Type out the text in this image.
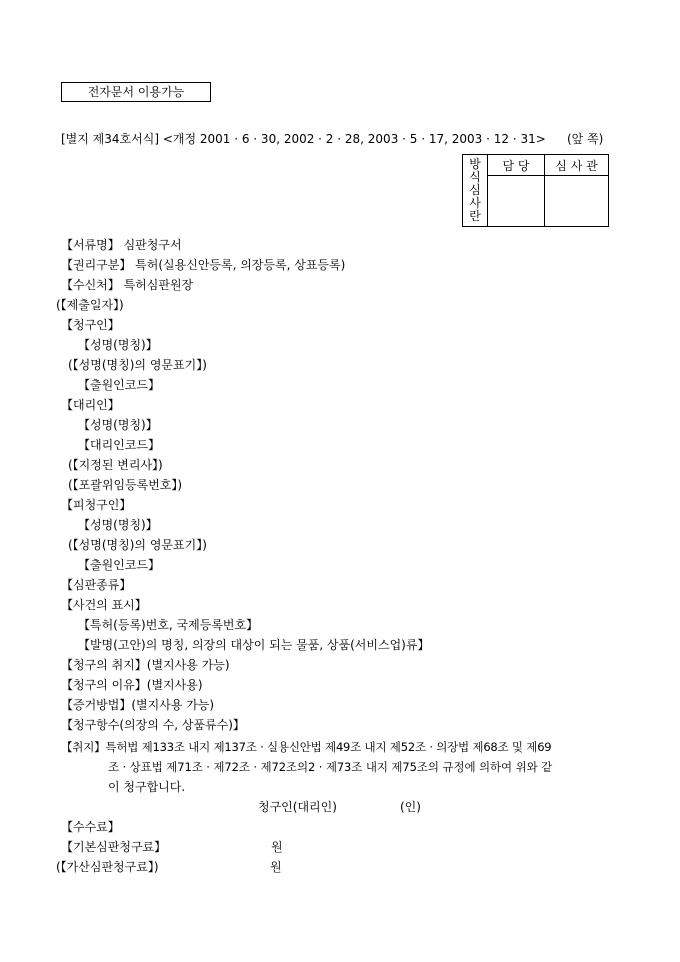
전자문서 이용가능
[별지 제34호서식] <개정 2001 · 6 · 30, 2002 · 2 · 28, 2003 · 5 · 17, 2003 · 12 · 31> (앞 쪽)
방식심사란	담 당	심 사 관

【서류명】 심판청구서
【권리구분】 특허(실용신안등록, 의장등록, 상표등록)
【수신처】 특허심판원장
(【제출일자】)
【청구인】
【성명(명칭)】
(【성명(명칭)의 영문표기】)
【출원인코드】
【대리인】
【성명(명칭)】
【대리인코드】
(【지정된 변리사】)
(【포괄위임등록번호】)
【피청구인】
【성명(명칭)】
(【성명(명칭)의 영문표기】)
【출원인코드】
【심판종류】
【사건의 표시】
【특허(등록)번호, 국제등록번호】
【발명(고안)의 명칭, 의장의 대상이 되는 물품, 상품(서비스업)류】
【청구의 취지】(별지사용 가능)
【청구의 이유】(별지사용)
【증거방법】(별지사용 가능)
【청구항수(의장의 수, 상품류수)】
【취지】특허법 제133조 내지 제137조 · 실용신안법 제49조 내지 제52조 · 의장법 제68조 및 제69
조 · 상표법 제71조 · 제72조 · 제72조의2 · 제73조 내지 제75조의 규정에 의하여 위와 같
이 청구합니다.
청구인(대리인)	(인)
【수수료】
【기본심판청구료】	원
(【가산심판청구료】)	원
